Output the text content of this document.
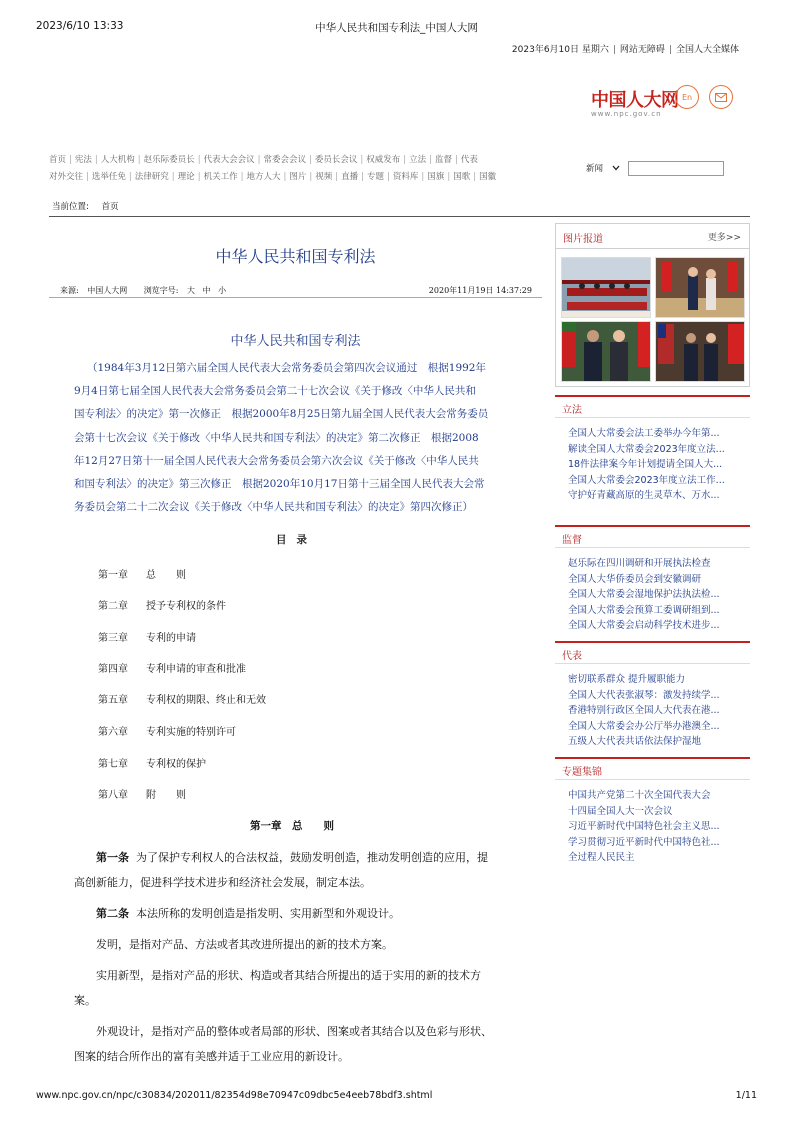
2023/6/10 13:33	中华人民共和国专利法_中国人大网
2023年6月10日 星期六 | 网站无障碍 | 全国人大全媒体
中国人大网
www.npc.gov.cn
En
首页 | 宪法 | 人大机构 | 赵乐际委员长 | 代表大会会议 | 常委会会议 | 委员长会议 | 权威发布 | 立法 | 监督 | 代表
对外交往 | 选举任免 | 法律研究 | 理论 | 机关工作 | 地方人大 | 图片 | 视频 | 直播 | 专题 | 资料库 | 国旗 | 国歌 | 国徽
新闻
当前位置: 首页
中华人民共和国专利法
来源: 中国人大网 浏览字号: 大 中 小	2020年11月19日 14:37:29
中华人民共和国专利法
（1984年3月12日第六届全国人民代表大会常务委员会第四次会议通过　根据1992年
9月4日第七届全国人民代表大会常务委员会第二十七次会议《关于修改〈中华人民共和
国专利法〉的决定》第一次修正　根据2000年8月25日第九届全国人民代表大会常务委员
会第十七次会议《关于修改〈中华人民共和国专利法〉的决定》第二次修正　根据2008
年12月27日第十一届全国人民代表大会常务委员会第六次会议《关于修改〈中华人民共
和国专利法〉的决定》第三次修正　根据2020年10月17日第十三届全国人民代表大会常
务委员会第二十二次会议《关于修改〈中华人民共和国专利法〉的决定》第四次修正）
目录
第一章 总　　则
第二章 授予专利权的条件
第三章 专利的申请
第四章 专利申请的审查和批准
第五章 专利权的期限、终止和无效
第六章 专利实施的特别许可
第七章 专利权的保护
第八章 附　　则
第一章　总　　则
第一条 为了保护专利权人的合法权益，鼓励发明创造，推动发明创造的应用，提
高创新能力，促进科学技术进步和经济社会发展，制定本法。
第二条 本法所称的发明创造是指发明、实用新型和外观设计。
发明，是指对产品、方法或者其改进所提出的新的技术方案。
实用新型，是指对产品的形状、构造或者其结合所提出的适于实用的新的技术方
案。
外观设计，是指对产品的整体或者局部的形状、图案或者其结合以及色彩与形状、
图案的结合所作出的富有美感并适于工业应用的新设计。
图片报道	更多>>
立法
全国人大常委会法工委举办今年第...
解读全国人大常委会2023年度立法...
18件法律案今年计划提请全国人大...
全国人大常委会2023年度立法工作...
守护好青藏高原的生灵草木、万水...
监督
赵乐际在四川调研和开展执法检查
全国人大华侨委员会到安徽调研
全国人大常委会湿地保护法执法检...
全国人大常委会预算工委调研组到...
全国人大常委会启动科学技术进步...
代表
密切联系群众 提升履职能力
全国人大代表张淑琴：激发持续学...
香港特别行政区全国人大代表在港...
全国人大常委会办公厅举办港澳全...
五级人大代表共话依法保护湿地
专题集锦
中国共产党第二十次全国代表大会
十四届全国人大一次会议
习近平新时代中国特色社会主义思...
学习贯彻习近平新时代中国特色社...
全过程人民民主
www.npc.gov.cn/npc/c30834/202011/82354d98e70947c09dbc5e4eeb78bdf3.shtml	1/11
